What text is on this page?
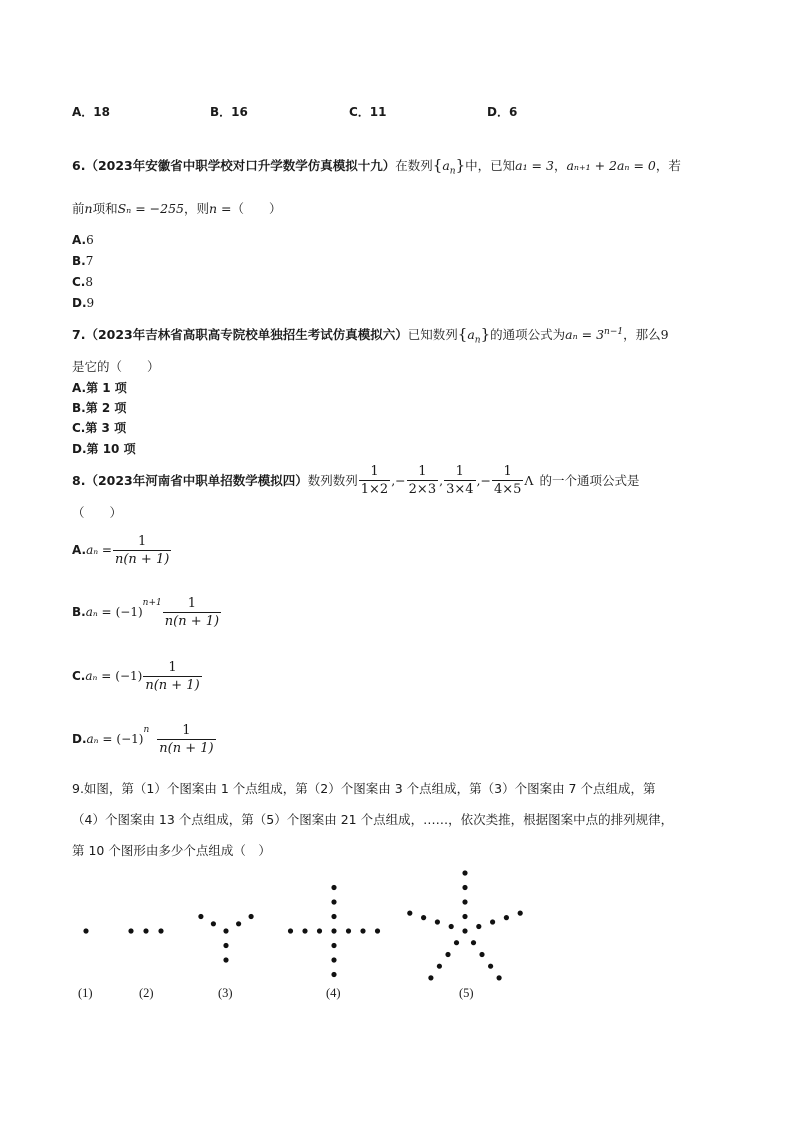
A．18	B．16	C．11	D．6
6.（2023年安徽省中职学校对口升学数学仿真模拟十九）在数列$\{a_n\}$中，已知a₁ = 3，aₙ₊₁ + 2aₙ = 0，若
前n项和Sₙ = −255，则n =（　　）
A.6
B.7
C.8
D.9
7.（2023年吉林省高职高专院校单独招生考试仿真模拟六）已知数列$\{a_n\}$的通项公式为$a_n = 3^{n-1}$，那么9
是它的（　　）
A.第 1 项
B.第 2 项
C.第 3 项
D.第 10 项
8. （2023年河南省中职单招数学模拟四） 数列数列 $\frac{1}{1\times 2}$ ,− $\frac{1}{2\times 3}$ , $\frac{1}{3\times 4}$ ,− $\frac{1}{4\times 5}$ Λ 的一个通项公式是
（　　）
A. $a_n = \frac{1}{n(n + 1)}$
B. aₙ = (−1)
$^{n+1} \frac{1}{n(n + 1)}$
C. $a_n = (-1) \frac{1}{n(n + 1)}$
D. aₙ = (−1)
$^n \frac{1}{n(n + 1)}$
9.如图，第（1）个图案由 1 个点组成，第（2）个图案由 3 个点组成，第（3）个图案由 7 个点组成，第
（4）个图案由 13 个点组成，第（5）个图案由 21 个点组成，……，依次类推，根据图案中点的排列规律，
第 10 个图形由多少个点组成（　）
(1)	(2)	(3)	(4)	(5)
